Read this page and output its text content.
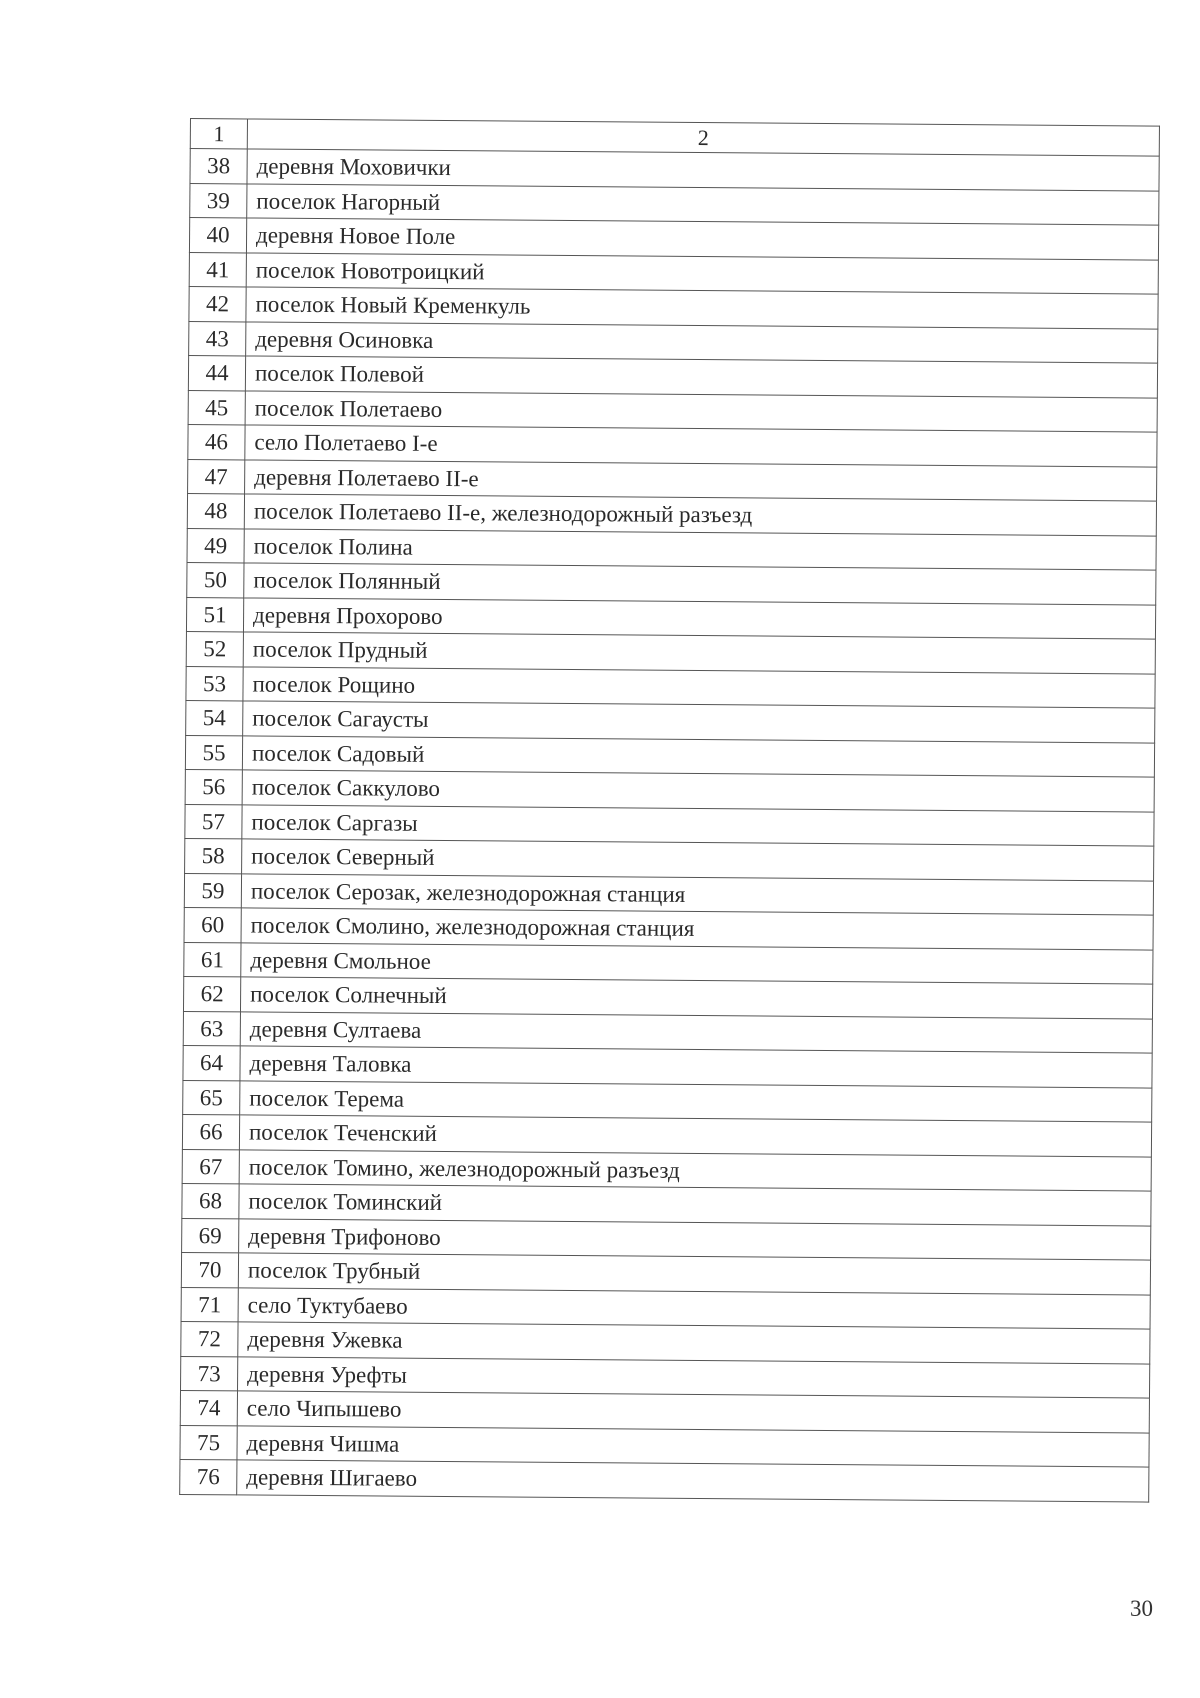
1	2
38	деревня Моховички
39	поселок Нагорный
40	деревня Новое Поле
41	поселок Новотроицкий
42	поселок Новый Кременкуль
43	деревня Осиновка
44	поселок Полевой
45	поселок Полетаево
46	село Полетаево I-е
47	деревня Полетаево II-е
48	поселок Полетаево II-е, железнодорожный разъезд
49	поселок Полина
50	поселок Полянный
51	деревня Прохорово
52	поселок Прудный
53	поселок Рощино
54	поселок Сагаусты
55	поселок Садовый
56	поселок Саккулово
57	поселок Саргазы
58	поселок Северный
59	поселок Серозак, железнодорожная станция
60	поселок Смолино, железнодорожная станция
61	деревня Смольное
62	поселок Солнечный
63	деревня Султаева
64	деревня Таловка
65	поселок Терема
66	поселок Теченский
67	поселок Томино, железнодорожный разъезд
68	поселок Томинский
69	деревня Трифоново
70	поселок Трубный
71	село Туктубаево
72	деревня Ужевка
73	деревня Урефты
74	село Чипышево
75	деревня Чишма
76	деревня Шигаево
30
